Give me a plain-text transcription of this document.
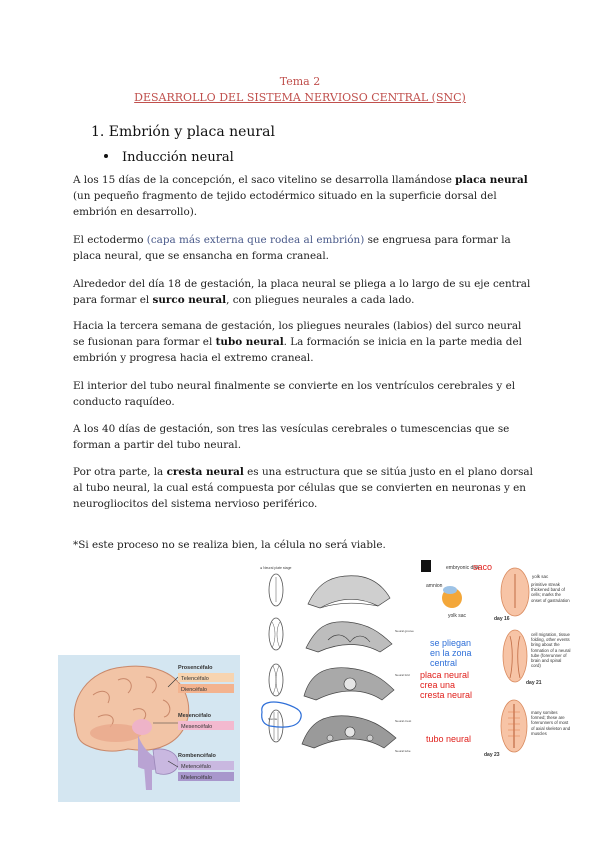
Tema 2
DESARROLLO DEL SISTEMA NERVIOSO CENTRAL (SNC)
1. Embrión y placa neural
Inducción neural
A los 15 días de la concepción, el saco vitelino se desarrolla llamándose placa neural (un pequeño fragmento de tejido ectodérmico situado en la superficie dorsal del embrión en desarrollo).
El ectodermo (capa más externa que rodea al embrión) se engruesa para formar la placa neural, que se ensancha en forma craneal.
Alrededor del día 18 de gestación, la placa neural se pliega a lo largo de su eje central para formar el surco neural, con pliegues neurales a cada lado.
Hacia la tercera semana de gestación, los pliegues neurales (labios) del surco neural se fusionan para formar el tubo neural. La formación se inicia en la parte media del embrión y progresa hacia el extremo craneal.
El interior del tubo neural finalmente se convierte en los ventrículos cerebrales y el conducto raquídeo.
A los 40 días de gestación, son tres las vesículas cerebrales o tumescencias que se forman a partir del tubo neural.
Por otra parte, la cresta neural es una estructura que se sitúa justo en el plano dorsal al tubo neural, la cual está compuesta por células que se convierten en neuronas y en neurogliocitos del sistema nervioso periférico.
*Si este proceso no se realiza bien, la célula no será viable.
Prosencéfalo
Telencéfalo
Diencéfalo
Mesencéfalo
Mesencéfalo
Rombencéfalo
Metencéfalo
Mielencéfalo
● Neural plate stage
Neural groove
Neural fold
Neural crest
Neural tube
Somite
embryonic disk
saco
amnion
yolk sac
yolk sac
primitive streak thickened band of cells; marks the onset of gastrulation
day 16
se pliegan
en la zona
central
placa neural
crea una
cresta neural
cell migration, tissue folding, other events bring about the formation of a neural tube (forerunner of brain and spinal cord)
day 21
tubo neural
many somites formed; these are forerunners of most of axial skeleton and muscles
day 23
